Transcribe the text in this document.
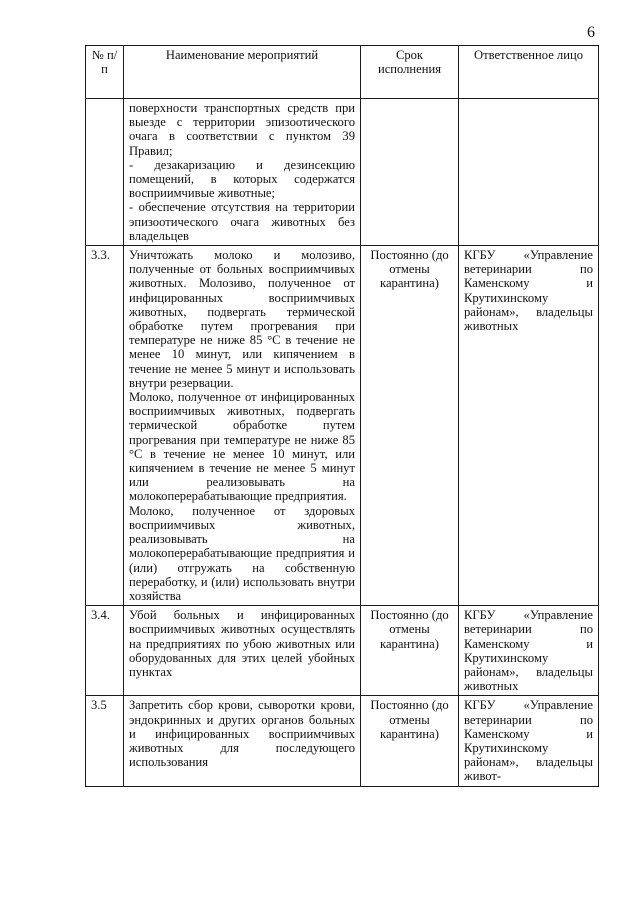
6
№ п/п	Наименование мероприятий	Срок исполнения	Ответственное лицо

	поверхности транспортных средств при выезде с территории эпизоотического очага в соответствии с пунктом 39 Правил;
- дезакаризацию и дезинсекцию помещений, в которых содержатся восприимчивые животные;
- обеспечение отсутствия на территории эпизоотического очага животных без владельцев		

3.3.	Уничтожать молоко и молозиво, полученные от больных восприимчивых животных. Молозиво, полученное от инфицированных восприимчивых животных, подвергать термической обработке путем прогревания при температуре не ниже 85 °С в течение не менее 10 минут, или кипячением в течение не менее 5 минут и использовать внутри резервации.
Молоко, полученное от инфицированных восприимчивых животных, подвергать термической обработке путем прогревания при температуре не ниже 85 °С в течение не менее 10 минут, или кипячением в течение не менее 5 минут или реализовывать на молокоперерабатывающие предприятия.
Молоко, полученное от здоровых восприимчивых животных, реализовывать на молокоперерабатывающие предприятия и (или) отгружать на собственную переработку, и (или) использовать внутри хозяйства	Постоянно (до отмены карантина)	КГБУ «Управление ветеринарии по Каменскому и Крутихинскому районам», владельцы животных
3.4.	Убой больных и инфицированных восприимчивых животных осуществлять на предприятиях по убою животных или оборудованных для этих целей убойных пунктах	Постоянно (до отмены карантина)	КГБУ «Управление ветеринарии по Каменскому и Крутихинскому районам», владельцы животных
3.5	Запретить сбор крови, сыворотки крови, эндокринных и других органов больных и инфицированных восприимчивых животных для последующего использования	Постоянно (до отмены карантина)	КГБУ «Управление ветеринарии по Каменскому и Крутихинскому районам», владельцы живот-
